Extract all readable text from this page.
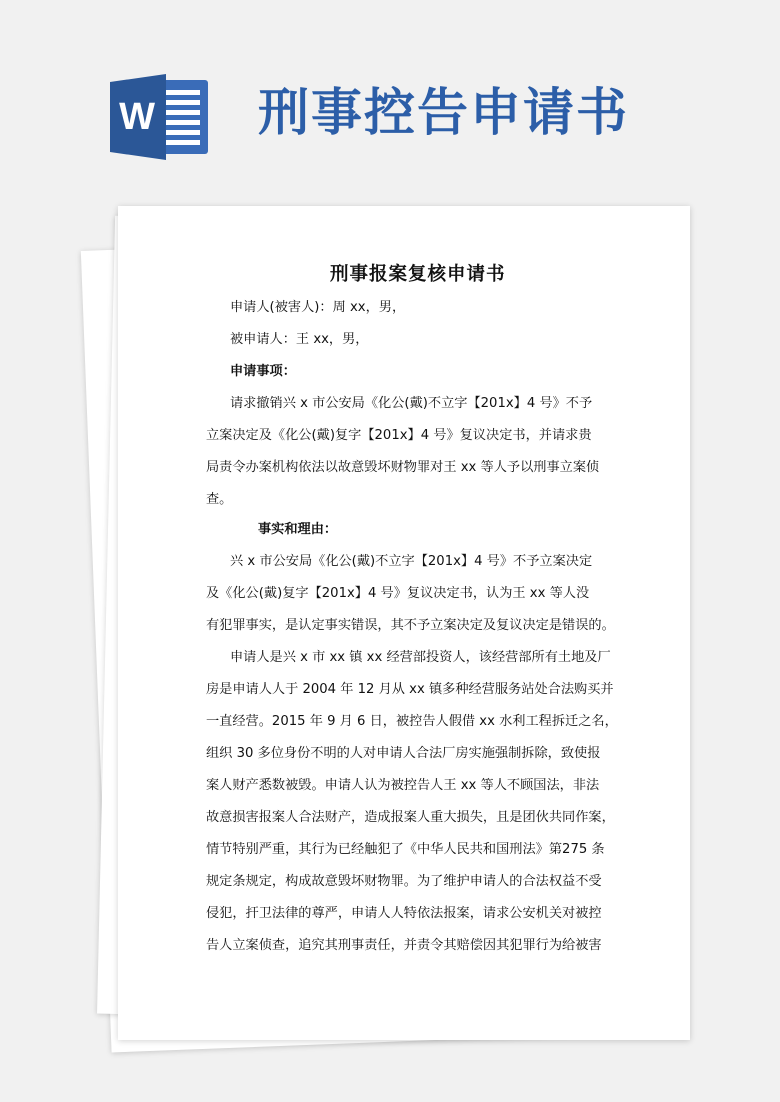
W 刑事控告申请书
刑事报案复核申请书
申请人(被害人)：周 xx，男，
被申请人：王 xx，男，
申请事项：
请求撤销兴 x 市公安局《化公(戴)不立字【201x】4 号》不予
立案决定及《化公(戴)复字【201x】4 号》复议决定书，并请求贵
局责令办案机构依法以故意毁坏财物罪对王 xx 等人予以刑事立案侦
查。
事实和理由：
兴 x 市公安局《化公(戴)不立字【201x】4 号》不予立案决定
及《化公(戴)复字【201x】4 号》复议决定书，认为王 xx 等人没
有犯罪事实，是认定事实错误，其不予立案决定及复议决定是错误的。
申请人是兴 x 市 xx 镇 xx 经营部投资人，该经营部所有土地及厂
房是申请人人于 2004 年 12 月从 xx 镇多种经营服务站处合法购买并
一直经营。2015 年 9 月 6 日，被控告人假借 xx 水利工程拆迁之名，
组织 30 多位身份不明的人对申请人合法厂房实施强制拆除，致使报
案人财产悉数被毁。申请人认为被控告人王 xx 等人不顾国法，非法
故意损害报案人合法财产，造成报案人重大损失，且是团伙共同作案，
情节特别严重，其行为已经触犯了《中华人民共和国刑法》第275 条
规定条规定，构成故意毁坏财物罪。为了维护申请人的合法权益不受
侵犯，扞卫法律的尊严，申请人人特依法报案，请求公安机关对被控
告人立案侦查，追究其刑事责任，并责令其赔偿因其犯罪行为给被害
